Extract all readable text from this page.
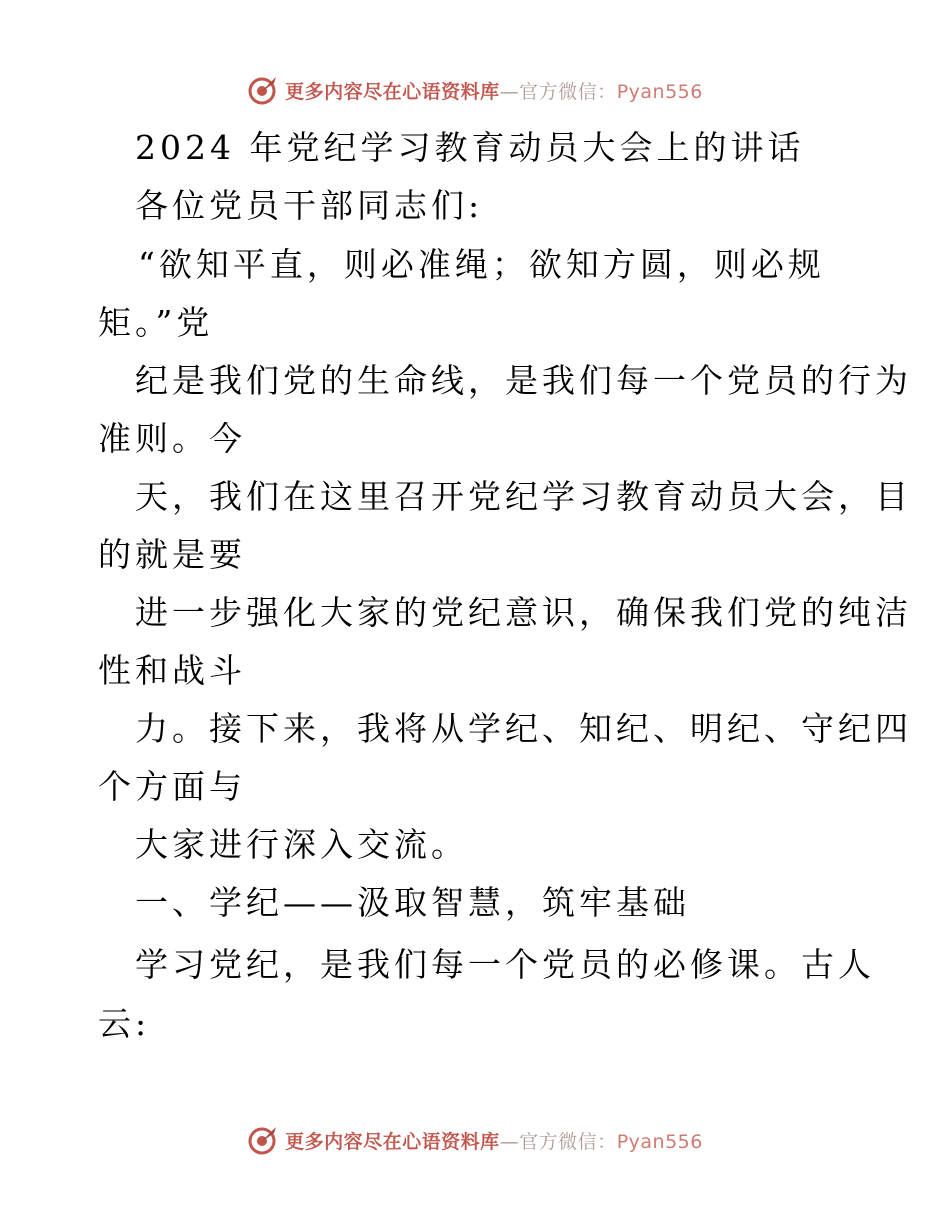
更多内容尽在心语资料库—官方微信：Pyan556
2024 年党纪学习教育动员大会上的讲话
各位党员干部同志们:
“欲知平直，则必准绳；欲知方圆，则必规
矩。”党
纪是我们党的生命线，是我们每一个党员的行为
准则。今
天，我们在这里召开党纪学习教育动员大会，目
的就是要
进一步强化大家的党纪意识，确保我们党的纯洁
性和战斗
力。接下来，我将从学纪、知纪、明纪、守纪四
个方面与
大家进行深入交流。
一、学纪——汲取智慧，筑牢基础
学习党纪，是我们每一个党员的必修课。古人
云:
更多内容尽在心语资料库—官方微信：Pyan556
